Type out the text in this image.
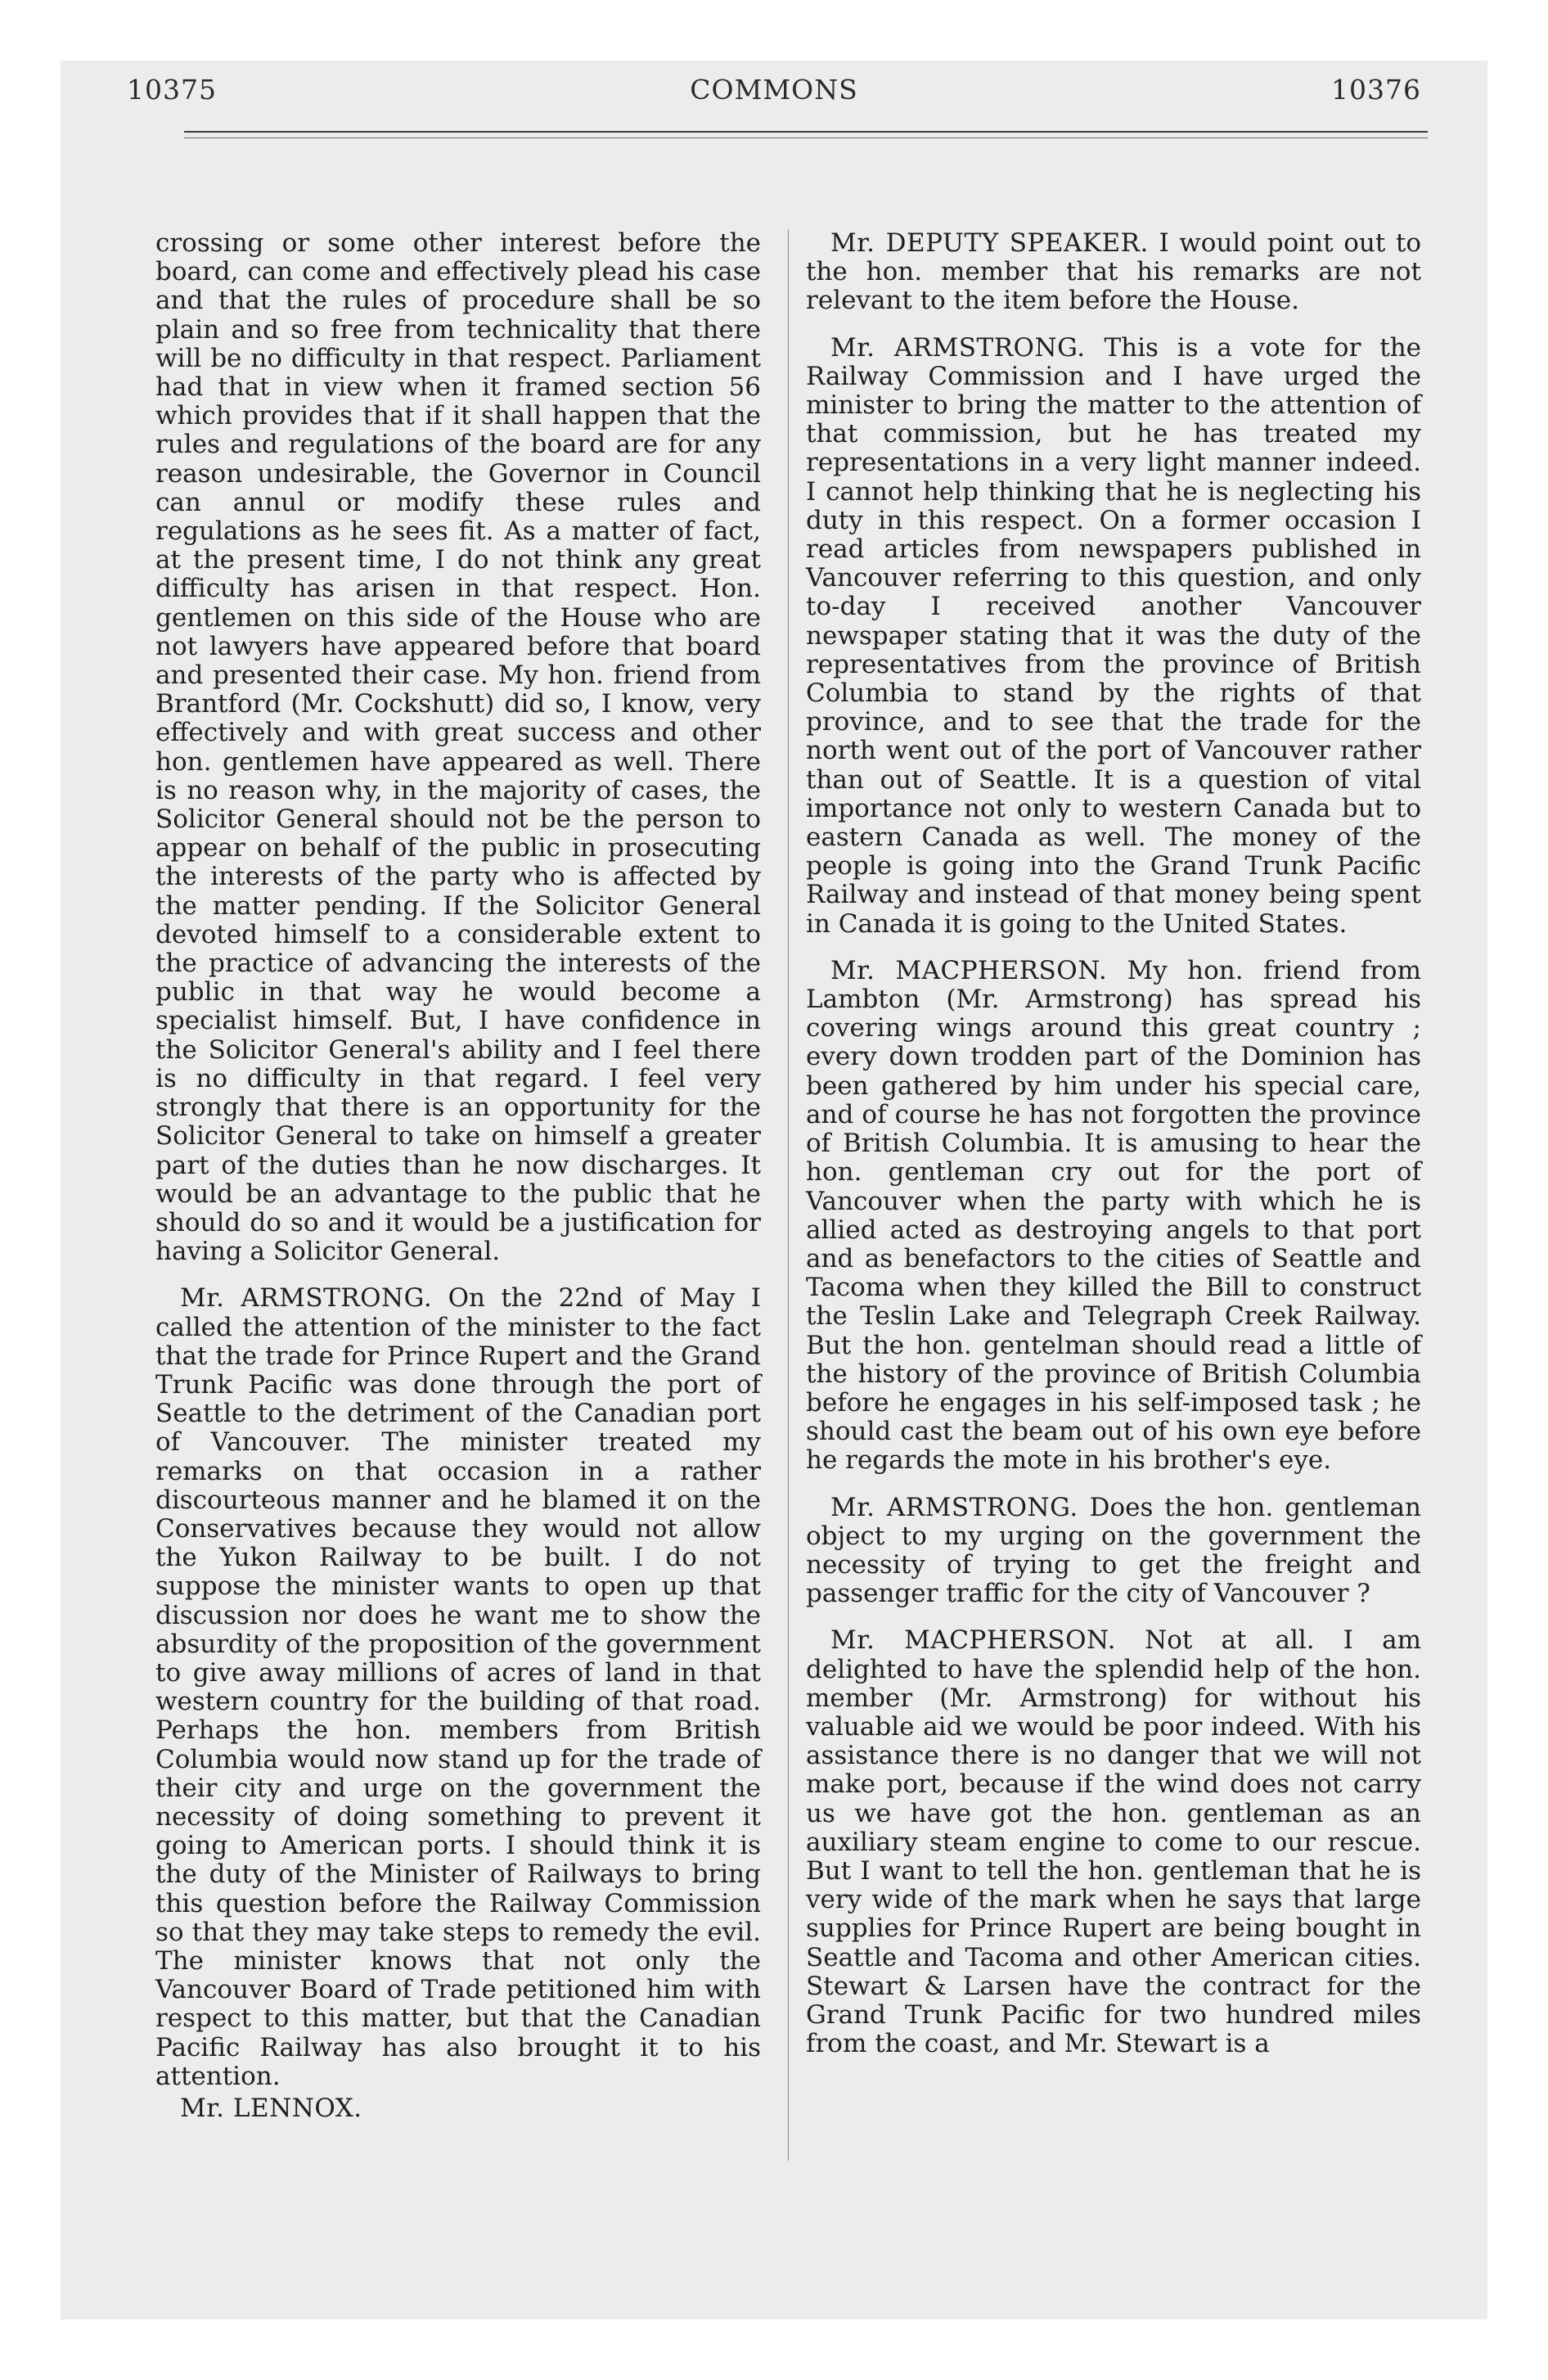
10375	COMMONS	10376

crossing or some other interest before the board, can come and effectively plead his case and that the rules of procedure shall be so plain and so free from technicality that there will be no difficulty in that respect. Parliament had that in view when it framed section 56 which provides that if it shall happen that the rules and regulations of the board are for any reason undesirable, the Governor in Council can annul or modify these rules and regulations as he sees fit. As a matter of fact, at the present time, I do not think any great difficulty has arisen in that respect. Hon. gentlemen on this side of the House who are not lawyers have appeared before that board and presented their case. My hon. friend from Brantford (Mr. Cockshutt) did so, I know, very effectively and with great success and other hon. gentlemen have appeared as well. There is no reason why, in the majority of cases, the Solicitor General should not be the person to appear on behalf of the public in prosecuting the interests of the party who is affected by the matter pending. If the Solicitor General devoted himself to a considerable extent to the practice of advancing the interests of the public in that way he would become a specialist himself. But, I have confidence in the Solicitor General's ability and I feel there is no difficulty in that regard. I feel very strongly that there is an opportunity for the Solicitor General to take on himself a greater part of the duties than he now discharges. It would be an advantage to the public that he should do so and it would be a justification for having a Solicitor General.

Mr. ARMSTRONG. On the 22nd of May I called the attention of the minister to the fact that the trade for Prince Rupert and the Grand Trunk Pacific was done through the port of Seattle to the detriment of the Canadian port of Vancouver. The minister treated my remarks on that occasion in a rather discourteous manner and he blamed it on the Conservatives because they would not allow the Yukon Railway to be built. I do not suppose the minister wants to open up that discussion nor does he want me to show the absurdity of the proposition of the government to give away millions of acres of land in that western country for the building of that road. Perhaps the hon. members from British Columbia would now stand up for the trade of their city and urge on the government the necessity of doing something to prevent it going to American ports. I should think it is the duty of the Minister of Railways to bring this question before the Railway Commission so that they may take steps to remedy the evil. The minister knows that not only the Vancouver Board of Trade petitioned him with respect to this matter, but that the Canadian Pacific Railway has also brought it to his attention.

Mr. LENNOX.

Mr. DEPUTY SPEAKER. I would point out to the hon. member that his remarks are not relevant to the item before the House.

Mr. ARMSTRONG. This is a vote for the Railway Commission and I have urged the minister to bring the matter to the attention of that commission, but he has treated my representations in a very light manner indeed. I cannot help thinking that he is neglecting his duty in this respect. On a former occasion I read articles from newspapers published in Vancouver referring to this question, and only to-day I received another Vancouver newspaper stating that it was the duty of the representatives from the province of British Columbia to stand by the rights of that province, and to see that the trade for the north went out of the port of Vancouver rather than out of Seattle. It is a question of vital importance not only to western Canada but to eastern Canada as well. The money of the people is going into the Grand Trunk Pacific Railway and instead of that money being spent in Canada it is going to the United States.

Mr. MACPHERSON. My hon. friend from Lambton (Mr. Armstrong) has spread his covering wings around this great country ; every down trodden part of the Dominion has been gathered by him under his special care, and of course he has not forgotten the province of British Columbia. It is amusing to hear the hon. gentleman cry out for the port of Vancouver when the party with which he is allied acted as destroying angels to that port and as benefactors to the cities of Seattle and Tacoma when they killed the Bill to construct the Teslin Lake and Telegraph Creek Railway. But the hon. gentelman should read a little of the history of the province of British Columbia before he engages in his self-imposed task ; he should cast the beam out of his own eye before he regards the mote in his brother's eye.

Mr. ARMSTRONG. Does the hon. gentleman object to my urging on the government the necessity of trying to get the freight and passenger traffic for the city of Vancouver ?

Mr. MACPHERSON. Not at all. I am delighted to have the splendid help of the hon. member (Mr. Armstrong) for without his valuable aid we would be poor indeed. With his assistance there is no danger that we will not make port, because if the wind does not carry us we have got the hon. gentleman as an auxiliary steam engine to come to our rescue. But I want to tell the hon. gentleman that he is very wide of the mark when he says that large supplies for Prince Rupert are being bought in Seattle and Tacoma and other American cities. Stewart & Larsen have the contract for the Grand Trunk Pacific for two hundred miles from the coast, and Mr. Stewart is a
